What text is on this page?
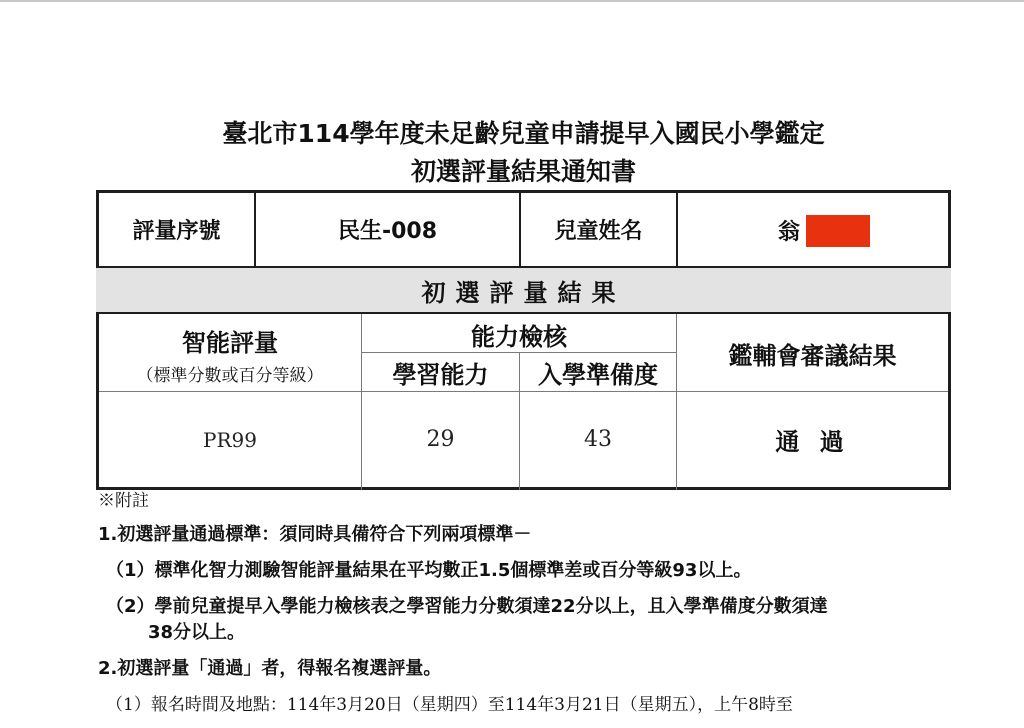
臺北市114學年度未足齡兒童申請提早入國民小學鑑定
初選評量結果通知書
評量序號	民生-008	兒童姓名	翁
初選評量結果
智能評量
（標準分數或百分等級）
能力檢核
學習能力	入學準備度
鑑輔會審議結果
PR99	29	43	通 過
※附註
1.初選評量通過標準：須同時具備符合下列兩項標準－
（1）標準化智力測驗智能評量結果在平均數正1.5個標準差或百分等級93以上。
（2）學前兒童提早入學能力檢核表之學習能力分數須達22分以上，且入學準備度分數須達
38分以上。
2.初選評量「通過」者，得報名複選評量。
（1）報名時間及地點：114年3月20日（星期四）至114年3月21日（星期五），上午8時至
